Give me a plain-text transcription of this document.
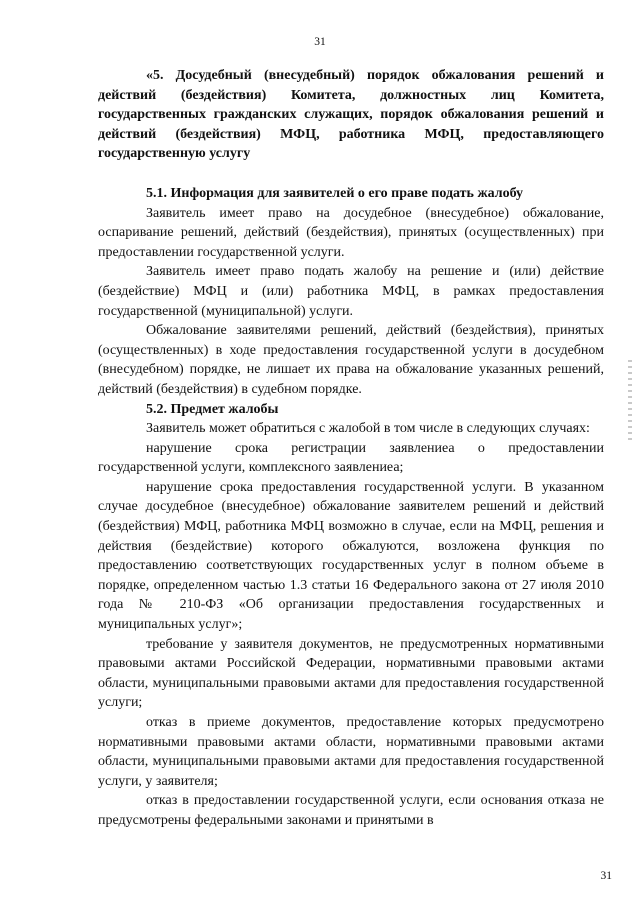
31

«5. Досудебный (внесудебный) порядок обжалования решений и действий (бездействия) Комитета, должностных лиц Комитета, государственных гражданских служащих, порядок обжалования решений и действий (бездействия) МФЦ, работника МФЦ, предоставляющего государственную услугу

5.1. Информация для заявителей о его праве подать жалобу

Заявитель имеет право на досудебное (внесудебное) обжалование, оспаривание решений, действий (бездействия), принятых (осуществленных) при предоставлении государственной услуги.

Заявитель имеет право подать жалобу на решение и (или) действие (бездействие) МФЦ и (или) работника МФЦ, в рамках предоставления государственной (муниципальной) услуги.

Обжалование заявителями решений, действий (бездействия), принятых (осуществленных) в ходе предоставления государственной услуги в досудебном (внесудебном) порядке, не лишает их права на обжалование указанных решений, действий (бездействия) в судебном порядке.

5.2. Предмет жалобы

Заявитель может обратиться с жалобой в том числе в следующих случаях:

нарушение срока регистрации заявлениеа о предоставлении государственной услуги, комплексного заявлениеа;

нарушение срока предоставления государственной услуги. В указанном случае досудебное (внесудебное) обжалование заявителем решений и действий (бездействия) МФЦ, работника МФЦ возможно в случае, если на МФЦ, решения и действия (бездействие) которого обжалуются, возложена функция по предоставлению соответствующих государственных услуг в полном объеме в порядке, определенном частью 1.3 статьи 16 Федерального закона от 27 июля 2010 года № 210-ФЗ «Об организации предоставления государственных и муниципальных услуг»;

требование у заявителя документов, не предусмотренных нормативными правовыми актами Российской Федерации, нормативными правовыми актами области, муниципальными правовыми актами для предоставления государственной услуги;

отказ в приеме документов, предоставление которых предусмотрено нормативными правовыми актами области, нормативными правовыми актами области, муниципальными правовыми актами для предоставления государственной услуги, у заявителя;

отказ в предоставлении государственной услуги, если основания отказа не предусмотрены федеральными законами и принятыми в

31
